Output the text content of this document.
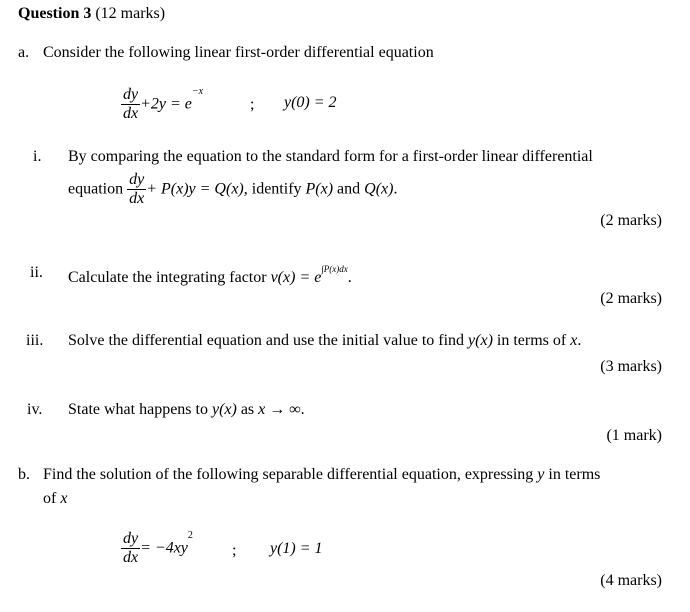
Question 3 (12 marks)
a. Consider the following linear first-order differential equation
$\frac{dy}{dx} +2y = e^{-x}$
; y(0) = 2
i. By comparing the equation to the standard form for a first-order linear differential
equation $\frac{dy}{dx} + P(x)y = Q(x)$, identify P(x) and Q(x).
(2 marks)
ii. Calculate the integrating factor $v(x) = e^{\int P(x)dx}$.
(2 marks)
iii. Solve the differential equation and use the initial value to find y(x) in terms of x.
(3 marks)
iv. State what happens to y(x) as x → ∞.
(1 mark)
b. Find the solution of the following separable differential equation, expressing y in terms
of x
$\frac{dy}{dx} = -4xy^2$
; y(1) = 1
(4 marks)
